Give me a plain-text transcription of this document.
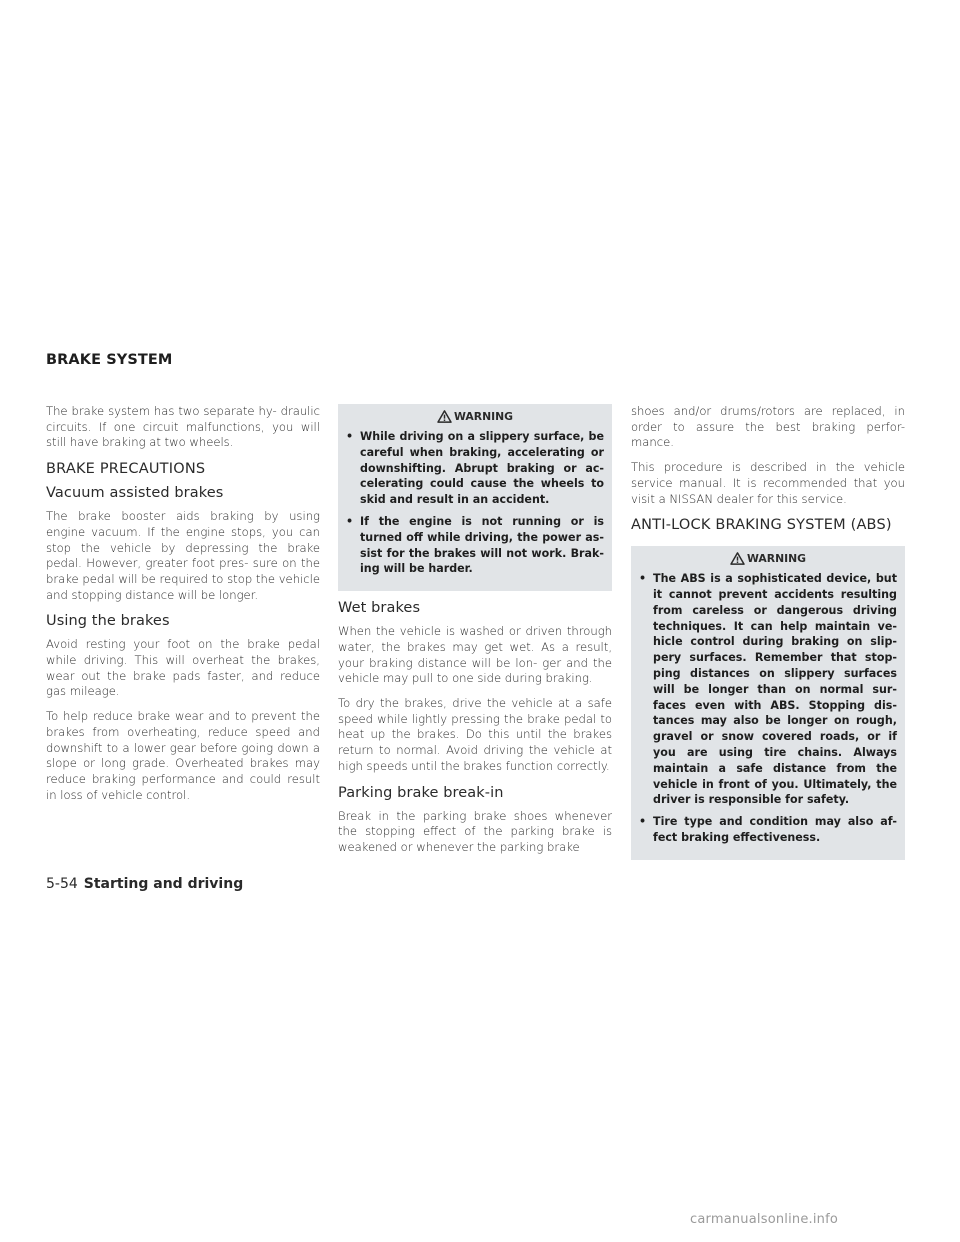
BRAKE SYSTEM

The brake system has two separate hy- draulic circuits. If one circuit malfunctions, you will still have braking at two wheels.

BRAKE PRECAUTIONS
Vacuum assisted brakes

The brake booster aids braking by using engine vacuum. If the engine stops, you can stop the vehicle by depressing the brake pedal. However, greater foot pres- sure on the brake pedal will be required to stop the vehicle and stopping distance will be longer.

Using the brakes

Avoid resting your foot on the brake pedal while driving. This will overheat the brakes, wear out the brake pads faster, and reduce gas mileage.

To help reduce brake wear and to prevent the brakes from overheating, reduce speed and downshift to a lower gear before going down a slope or long grade. Overheated brakes may reduce braking performance and could result in loss of vehicle control.

WARNING
• While driving on a slippery surface, be careful when braking, accelerating or downshifting. Abrupt braking or ac- celerating could cause the wheels to skid and result in an accident.
• If the engine is not running or is turned off while driving, the power as- sist for the brakes will not work. Brak- ing will be harder.
Wet brakes

When the vehicle is washed or driven through water, the brakes may get wet. As a result, your braking distance will be lon- ger and the vehicle may pull to one side during braking.

To dry the brakes, drive the vehicle at a safe speed while lightly pressing the brake pedal to heat up the brakes. Do this until the brakes return to normal. Avoid driving the vehicle at high speeds until the brakes function correctly.

Parking brake break-in

Break in the parking brake shoes whenever the stopping effect of the parking brake is weakened or whenever the parking brake

shoes and/or drums/rotors are replaced, in order to assure the best braking perfor- mance.

This procedure is described in the vehicle service manual. It is recommended that you visit a NISSAN dealer for this service.

ANTI-LOCK BRAKING SYSTEM (ABS)
WARNING
• The ABS is a sophisticated device, but it cannot prevent accidents resulting from careless or dangerous driving techniques. It can help maintain ve- hicle control during braking on slip- pery surfaces. Remember that stop- ping distances on slippery surfaces will be longer than on normal sur- faces even with ABS. Stopping dis- tances may also be longer on rough, gravel or snow covered roads, or if you are using tire chains. Always maintain a safe distance from the vehicle in front of you. Ultimately, the driver is responsible for safety.
• Tire type and condition may also af- fect braking effectiveness.
5-54 Starting and driving
carmanualsonline.info
